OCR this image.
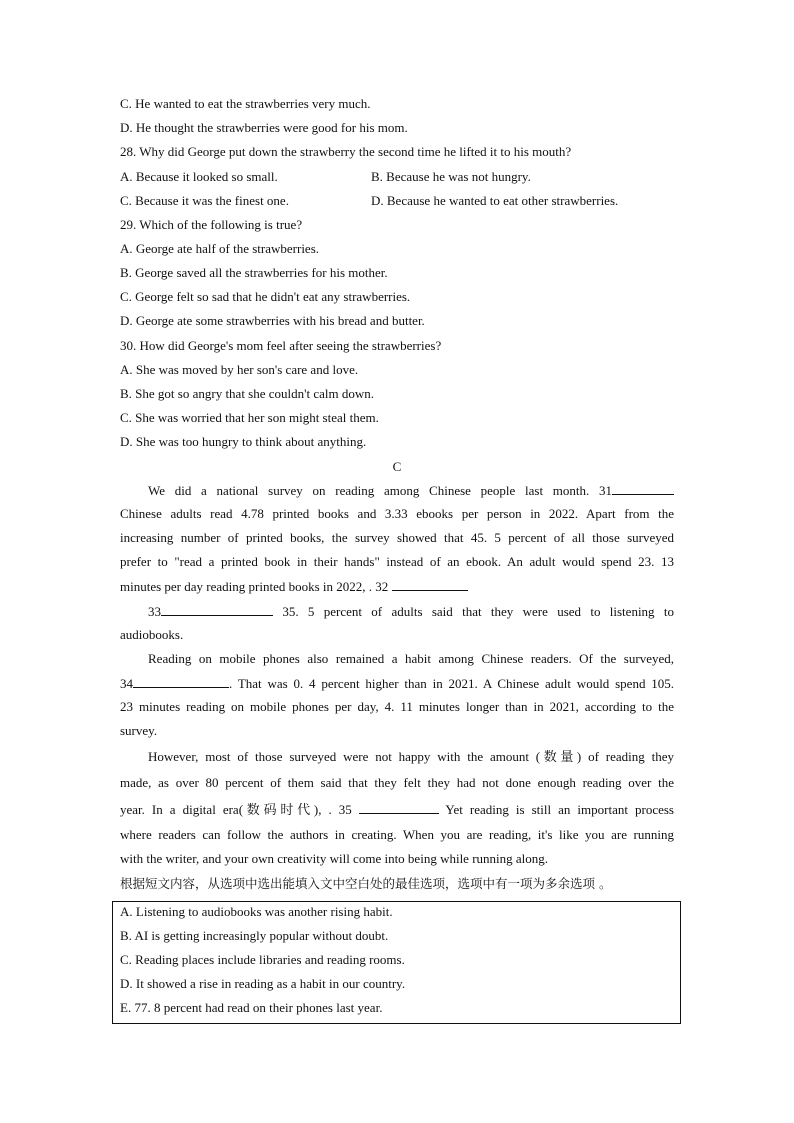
C. He wanted to eat the strawberries very much.
D. He thought the strawberries were good for his mom.
28. Why did George put down the strawberry the second time he lifted it to his mouth?
A. Because it looked so small.	B. Because he was not hungry.
C. Because it was the finest one.	D. Because he wanted to eat other strawberries.
29. Which of the following is true?
A. George ate half of the strawberries.
B. George saved all the strawberries for his mother.
C. George felt so sad that he didn't eat any strawberries.
D. George ate some strawberries with his bread and butter.
30. How did George's mom feel after seeing the strawberries?
A. She was moved by her son's care and love.
B. She got so angry that she couldn't calm down.
C. She was worried that her son might steal them.
D. She was too hungry to think about anything.
C
We did a national survey on reading among Chinese people last month. 31
Chinese adults read 4.78 printed books and 3.33 ebooks per person in 2022. Apart from the
increasing number of printed books, the survey showed that 45. 5 percent of all those surveyed
prefer to "read a printed book in their hands" instead of an ebook. An adult would spend 23. 13
minutes per day reading printed books in 2022, . 32
33	35. 5 percent of adults said that they were used to listening to
audiobooks.
Reading on mobile phones also remained a habit among Chinese readers. Of the surveyed,
34	. That was 0. 4 percent higher than in 2021. A Chinese adult would spend 105.
23 minutes reading on mobile phones per day, 4. 11 minutes longer than in 2021, according to the
survey.
However, most of those surveyed were not happy with the amount (数量) of reading they
made, as over 80 percent of them said that they felt they had not done enough reading over the
year. In a digital era(数码时代), . 35	Yet reading is still an important process
where readers can follow the authors in creating. When you are reading, it's like you are running
with the writer, and your own creativity will come into being while running along.
根据短文内容，从选项中选出能填入文中空白处的最佳选项，选项中有一项为多余选项 。
A. Listening to audiobooks was another rising habit.
B. AI is getting increasingly popular without doubt.
C. Reading places include libraries and reading rooms.
D. It showed a rise in reading as a habit in our country.
E. 77. 8 percent had read on their phones last year.
